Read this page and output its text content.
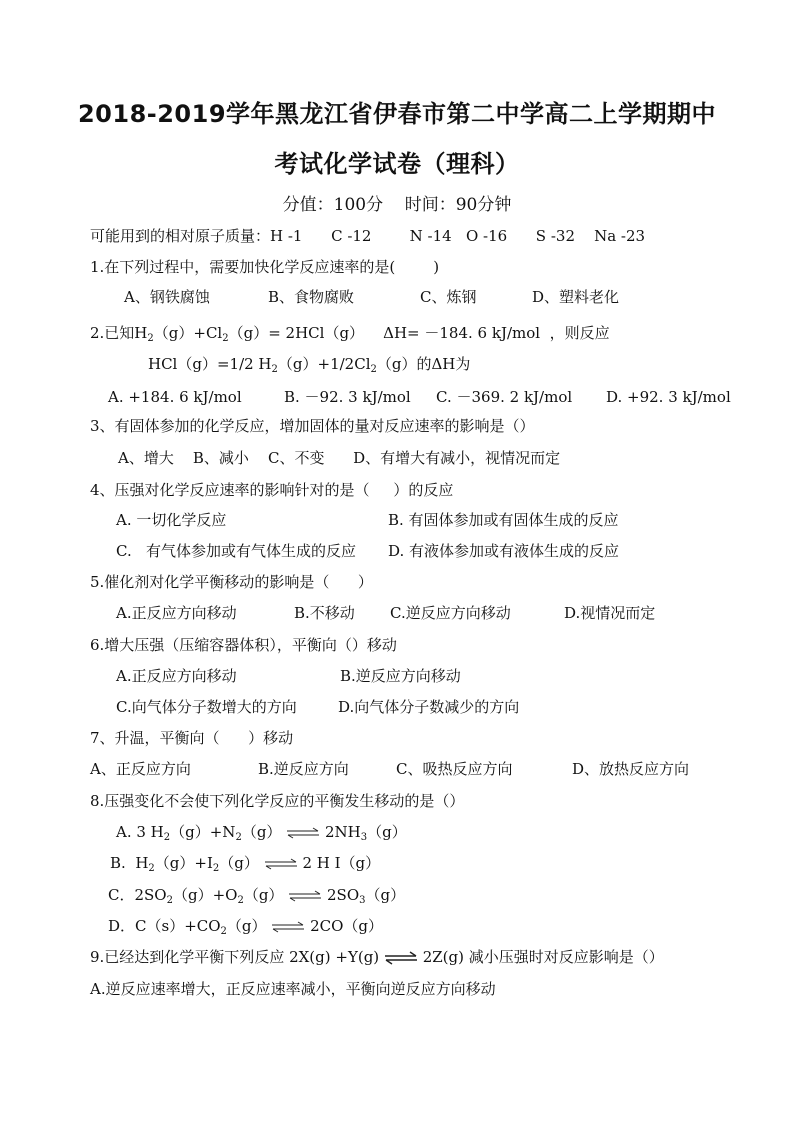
2018-2019学年黑龙江省伊春市第二中学高二上学期期中
考试化学试卷（理科）
分值：100分    时间：90分钟
可能用到的相对原子质量：H -1      C -12        N -14   O -16      S -32    Na -23
1.在下列过程中，需要加快化学反应速率的是(        )
A、钢铁腐蚀	B、食物腐败	C、炼钢	D、塑料老化
2.已知$H_2(g)+Cl_2(g)= 2HCl(g)$    ΔH= －184. 6 kJ/mol  ，则反应
HCl（g）=1/2 $H_2(g)+1/2Cl_2(g)$的ΔH为
A. +184. 6 kJ/mol	B. －92. 3 kJ/mol C. －369. 2 kJ/mol D. +92. 3 kJ/mol
3、有固体参加的化学反应，增加固体的量对反应速率的影响是（）
A、增大    B、减小    C、不变      D、有增大有减小，视情况而定
4、压强对化学反应速率的影响针对的是（     ）的反应
A. 一切化学反应	B. 有固体参加或有固体生成的反应
C.   有气体参加或有气体生成的反应 D. 有液体参加或有液体生成的反应
5.催化剂对化学平衡移动的影响是（      ）
A.正反应方向移动	B.不移动 C.逆反应方向移动	D.视情况而定
6.增大压强（压缩容器体积），平衡向（）移动
A.正反应方向移动	B.逆反应方向移动
C.向气体分子数增大的方向	D.向气体分子数减少的方向
7、升温，平衡向（      ）移动
A、正反应方向	B.逆反应方向	C、吸热反应方向	D、放热反应方向
8.压强变化不会使下列化学反应的平衡发生移动的是（）
A. 3 $H_2(g)+N_2(g)$ ⇌ $2NH_3(g)$
B.  $H_2(g)+I_2(g)$ ⇌ 2 H I（g）
C．$2SO_2(g)+O_2(g)$ ⇌ $2SO_3(g)$
D．$C(s)+CO_2(g)$ ⇌ 2CO（g）
9.已经达到化学平衡下列反应 2X(g) +Y(g) ⇌ 2Z(g) 减小压强时对反应影响是（）
A.逆反应速率增大，正反应速率减小，平衡向逆反应方向移动
